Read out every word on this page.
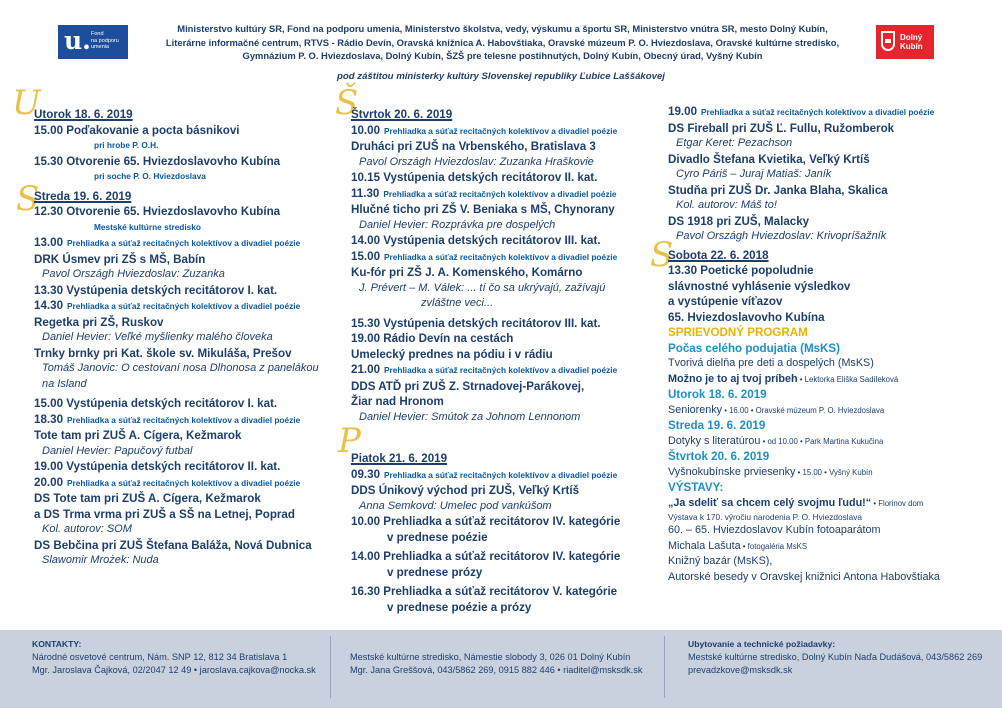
u. Fond
na podporu
umenia
Ministerstvo kultúry SR, Fond na podporu umenia, Ministerstvo školstva, vedy, výskumu a športu SR, Ministerstvo vnútra SR, mesto Dolný Kubín,
Literárne informačné centrum, RTVS - Rádio Devín, Oravská knižnica A. Habovštiaka, Oravské múzeum P. O. Hviezdoslava, Oravské kultúrne stredisko,
Gymnázium P. O. Hviezdoslava, Dolný Kubín, ŠZŠ pre telesne postihnutých, Dolný Kubín, Obecný úrad, Vyšný Kubín
Dolný
Kubín
pod záštitou ministerky kultúry Slovenskej republiky Ľubice Laššákovej
U
S
Š
P
S
Utorok 18. 6. 2019
15.00 Poďakovanie a pocta básnikovi
pri hrobe P. O.H.
15.30 Otvorenie 65. Hviezdoslavovho Kubína
pri soche P. O. Hviezdoslava
Streda 19. 6. 2019
12.30 Otvorenie 65. Hviezdoslavovho Kubína
Mestské kultúrne stredisko
13.00 Prehliadka a súťaž recitačných kolektívov a divadiel poézie
DRK Úsmev pri ZŠ s MŠ, Babín
Pavol Országh Hviezdoslav: Zuzanka
13.30 Vystúpenia detských recitátorov I. kat.
14.30 Prehliadka a súťaž recitačných kolektívov a divadiel poézie
Regetka pri ZŠ, Ruskov
Daniel Hevier: Veľké myšlienky malého človeka
Trnky brnky pri Kat. škole sv. Mikuláša, Prešov
Tomáš Janovic: O cestovaní nosa Dlhonosa z panelákou
na Island
15.00 Vystúpenia detských recitátorov I. kat.
18.30 Prehliadka a súťaž recitačných kolektívov a divadiel poézie
Tote tam pri ZUŠ A. Cígera, Kežmarok
Daniel Hevier: Papučový futbal
19.00 Vystúpenia detských recitátorov II. kat.
20.00 Prehliadka a súťaž recitačných kolektívov a divadiel poézie
DS Tote tam pri ZUŠ A. Cígera, Kežmarok
a DS Trma vrma pri ZUŠ a SŠ na Letnej, Poprad
Kol. autorov: SOM
DS Bebčina pri ZUŠ Štefana Baláža, Nová Dubnica
Slawomir Mrożek: Nuda
Štvrtok 20. 6. 2019
10.00 Prehliadka a súťaž recitačných kolektívov a divadiel poézie
Druháci pri ZUŠ na Vrbenského, Bratislava 3
Pavol Országh Hviezdoslav: Zuzanka Hraškovie
10.15 Vystúpenia detských recitátorov II. kat.
11.30 Prehliadka a súťaž recitačných kolektívov a divadiel poézie
Hlučné ticho pri ZŠ V. Beniaka s MŠ, Chynorany
Daniel Hevier: Rozprávka pre dospelých
14.00 Vystúpenia detských recitátorov III. kat.
15.00 Prehliadka a súťaž recitačných kolektívov a divadiel poézie
Ku-fór pri ZŠ J. A. Komenského, Komárno
J. Prévert – M. Válek: ... tí čo sa ukrývajú, zažívajú
zvláštne veci...
15.30 Vystúpenia detských recitátorov III. kat.
19.00 Rádio Devín na cestách
Umelecký prednes na pódiu i v rádiu
21.00 Prehliadka a súťaž recitačných kolektívov a divadiel poézie
DDS ATĎ pri ZUŠ Z. Strnadovej-Parákovej,
Žiar nad Hronom
Daniel Hevier: Smútok za Johnom Lennonom
Piatok 21. 6. 2019
09.30 Prehliadka a súťaž recitačných kolektívov a divadiel poézie
DDS Únikový východ pri ZUŠ, Veľký Krtíš
Anna Semkovd: Umelec pod vankúšom
10.00 Prehliadka a súťaž recitátorov IV. kategórie
v prednese poézie
14.00 Prehliadka a súťaž recitátorov IV. kategórie
v prednese prózy
16.30 Prehliadka a súťaž recitátorov V. kategórie
v prednese poézie a prózy
19.00 Prehliadka a súťaž recitačných kolektívov a divadiel poézie
DS Fireball pri ZUŠ Ľ. Fullu, Ružomberok
Etgar Keret: Pezachson
Divadlo Štefana Kvietika, Veľký Krtíš
Cyro Páriš – Juraj Matiaš: Janík
Studňa pri ZUŠ Dr. Janka Blaha, Skalica
Kol. autorov: Máš to!
DS 1918 pri ZUŠ, Malacky
Pavol Országh Hviezdoslav: Krivopríšažník
Sobota 22. 6. 2018
13.30 Poetické popoludnie
slávnostné vyhlásenie výsledkov
a vystúpenie víťazov
65. Hviezdoslavovho Kubína
SPRIEVODNÝ PROGRAM
Počas celého podujatia (MsKS)
Tvorivá dielňa pre deti a dospelých (MsKS)
Možno je to aj tvoj príbeh • Lektorka Eliška Sadíleková
Utorok 18. 6. 2019
Seniorenky • 16.00 • Oravské múzeum P. O. Hviezdoslava
Streda 19. 6. 2019
Dotyky s literatúrou • od 10.00 • Park Martina Kukučina
Štvrtok 20. 6. 2019
Vyšnokubínske prviesenky • 15.00 • Vyšný Kubín
VÝSTAVY:
„Ja sdeliť sa chcem celý svojmu ľudu!“ • Florinov dom
Výstava k 170. výročiu narodenia P. O. Hviezdoslava
60. – 65. Hviezdoslavov Kubín fotoaparátom
Michala Lašuta • fotogaléria MsKS
Knižný bazár (MsKS),
Autorské besedy v Oravskej knižnici Antona Habovštiaka
KONTAKTY:
Národné osvetové centrum, Nám. SNP 12, 812 34 Bratislava 1
Mgr. Jaroslava Čajková, 02/2047 12 49 • jaroslava.cajkova@nocka.sk
Mestské kultúrne stredisko, Námestie slobody 3, 026 01 Dolný Kubín
Mgr. Jana Greššová, 043/5862 269, 0915 882 446 • riaditel@msksdk.sk
Ubytovanie a technické požiadavky:
Mestské kultúrne stredisko, Dolný Kubín Naďa Dudášová, 043/5862 269
prevadzkove@msksdk.sk
